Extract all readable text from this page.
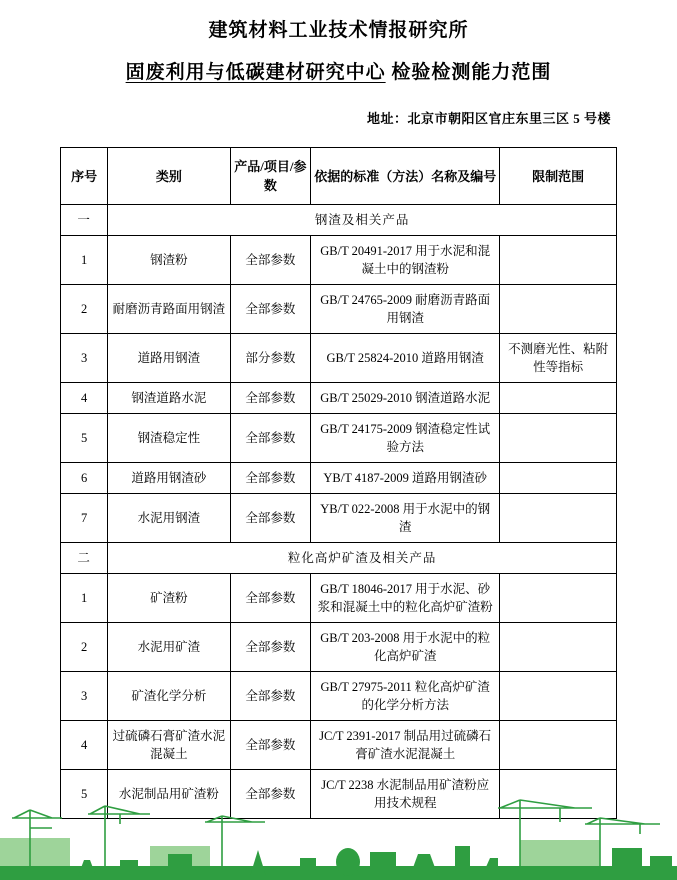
建筑材料工业技术情报研究所
固废利用与低碳建材研究中心 检验检测能力范围
地址：北京市朝阳区官庄东里三区 5 号楼
序号	类别	产品/项目/参数	依据的标准（方法）名称及编号	限制范围
一	钢渣及相关产品			
1	钢渣粉	全部参数	GB/T 20491-2017 用于水泥和混凝土中的钢渣粉	
2	耐磨沥青路面用钢渣	全部参数	GB/T 24765-2009 耐磨沥青路面用钢渣	
3	道路用钢渣	部分参数	GB/T 25824-2010 道路用钢渣	不测磨光性、粘附性等指标
4	钢渣道路水泥	全部参数	GB/T 25029-2010 钢渣道路水泥	
5	钢渣稳定性	全部参数	GB/T 24175-2009 钢渣稳定性试验方法	
6	道路用钢渣砂	全部参数	YB/T 4187-2009 道路用钢渣砂	
7	水泥用钢渣	全部参数	YB/T 022-2008 用于水泥中的钢渣	
二	粒化高炉矿渣及相关产品			
1	矿渣粉	全部参数	GB/T 18046-2017 用于水泥、砂浆和混凝土中的粒化高炉矿渣粉	
2	水泥用矿渣	全部参数	GB/T 203-2008 用于水泥中的粒化高炉矿渣	
3	矿渣化学分析	全部参数	GB/T 27975-2011 粒化高炉矿渣的化学分析方法	
4	过硫磷石膏矿渣水泥混凝土	全部参数	JC/T 2391-2017 制品用过硫磷石膏矿渣水泥混凝土	
5	水泥制品用矿渣粉	全部参数	JC/T 2238 水泥制品用矿渣粉应用技术规程	
